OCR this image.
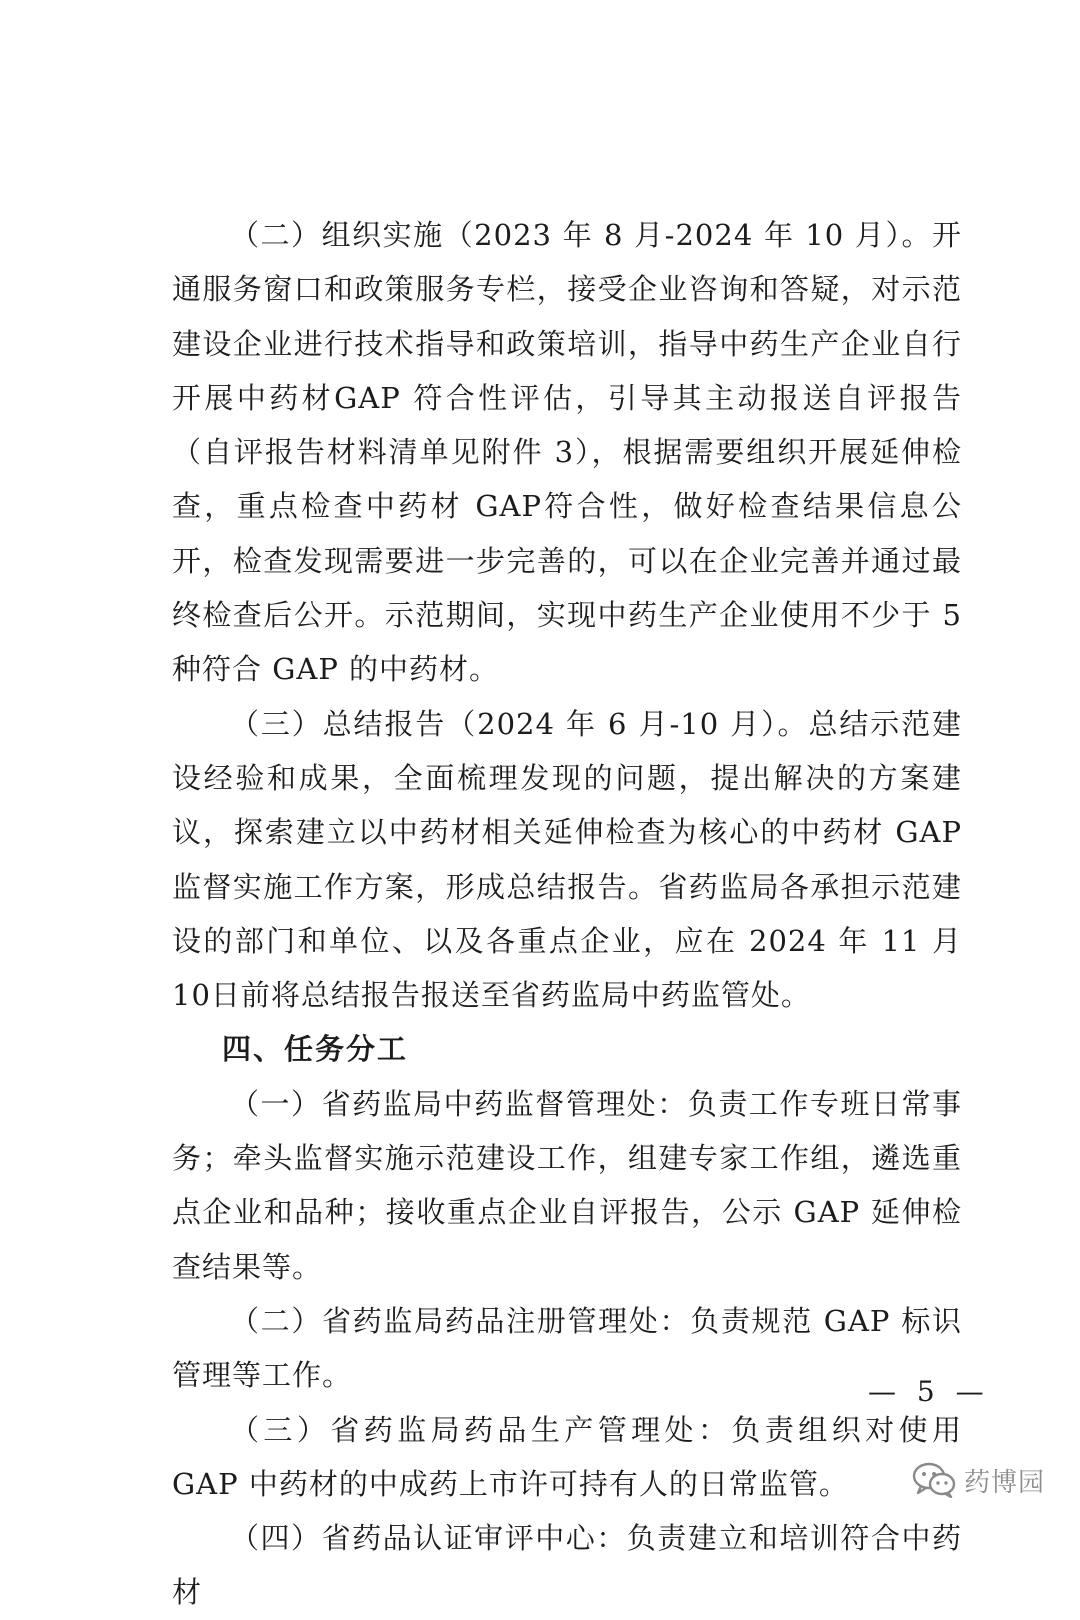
（二）组织实施（2023 年 8 月-2024 年 10 月）。开通服务窗口和政策服务专栏，接受企业咨询和答疑，对示范建设企业进行技术指导和政策培训，指导中药生产企业自行开展中药材GAP 符合性评估，引导其主动报送自评报告（自评报告材料清单见附件 3），根据需要组织开展延伸检查，重点检查中药材 GAP符合性，做好检查结果信息公开，检查发现需要进一步完善的，可以在企业完善并通过最终检查后公开。示范期间，实现中药生产企业使用不少于 5 种符合 GAP 的中药材。

（三）总结报告（2024 年 6 月-10 月）。总结示范建设经验和成果，全面梳理发现的问题，提出解决的方案建议，探索建立以中药材相关延伸检查为核心的中药材 GAP 监督实施工作方案，形成总结报告。省药监局各承担示范建设的部门和单位、以及各重点企业，应在 2024 年 11 月 10日前将总结报告报送至省药监局中药监管处。

四、任务分工

（一）省药监局中药监督管理处：负责工作专班日常事务；牵头监督实施示范建设工作，组建专家工作组，遴选重点企业和品种；接收重点企业自评报告，公示 GAP 延伸检查结果等。

（二）省药监局药品注册管理处：负责规范 GAP 标识管理等工作。

（三）省药监局药品生产管理处：负责组织对使用 GAP 中药材的中成药上市许可持有人的日常监管。

（四）省药品认证审评中心：负责建立和培训符合中药材

— 5 —
药博园
